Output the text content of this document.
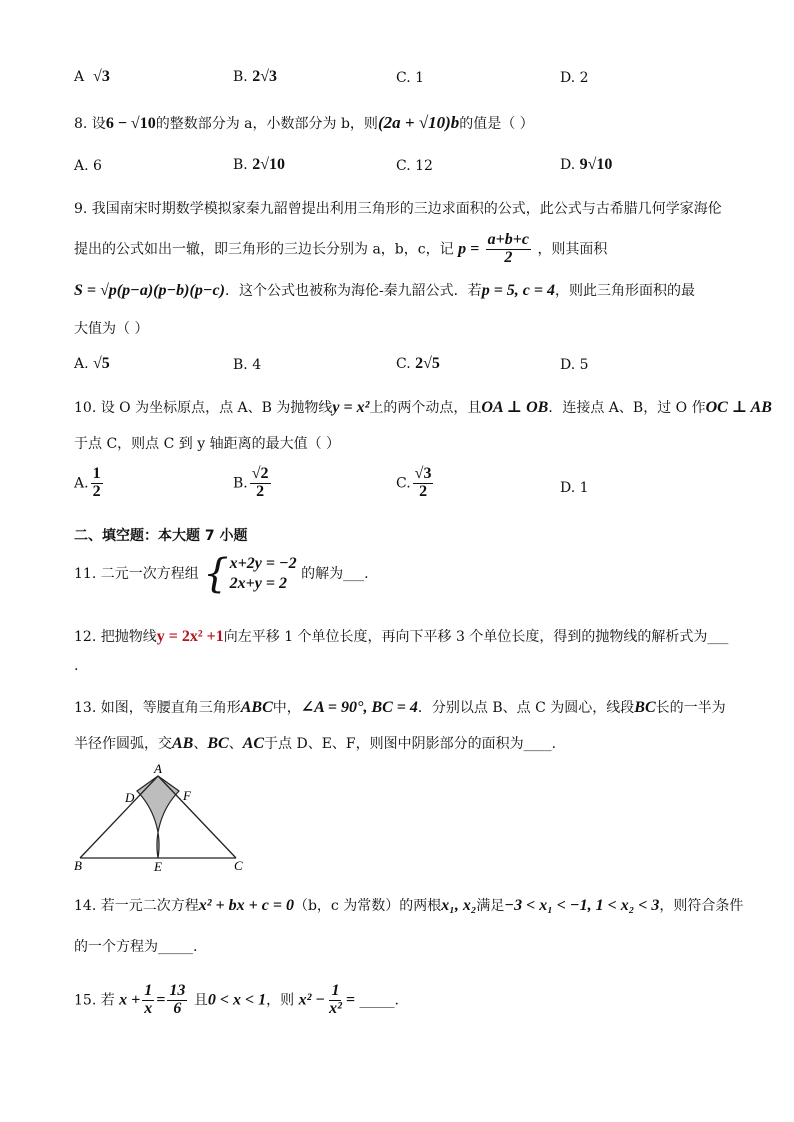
A √3	B. 2√3	C. 1	D. 2
8. 设6 − √10的整数部分为 a，小数部分为 b，则(2a + √10)b的值是（ ）
A. 6	B. 2√10	C. 12	D. 9√10
9. 我国南宋时期数学模拟家秦九韶曾提出利用三角形的三边求面积的公式，此公式与古希腊几何学家海伦
提出的公式如出一辙，即三角形的三边长分别为 a，b，c，记 $p = \frac{a+b+c}{2}$ ，则其面积
S = √p(p−a)(p−b)(p−c)．这个公式也被称为海伦-秦九韶公式．若p = 5, c = 4，则此三角形面积的最
大值为（ ）
A. √5	B. 4	C. 2√5	D. 5
10. 设 O 为坐标原点，点 A、B 为抛物线y = x²上的两个动点，且OA ⊥ OB．连接点 A、B，过 O 作OC ⊥ AB
于点 C，则点 C 到 y 轴距离的最大值（ ）
A. $\frac{1}{2}$	B. $\frac{√2}{2}$	C. $\frac{√3}{2}$	D. 1
二、填空题：本大题 7 小题
11. 二元一次方程组 { x+2y = −2
2x+y = 2
的解为___.
12. 把抛物线y = 2x² +1向左平移 1 个单位长度，再向下平移 3 个单位长度，得到的抛物线的解析式为___
.
13. 如图，等腰直角三角形ABC中，∠A = 90°, BC = 4．分别以点 B、点 C 为圆心，线段BC长的一半为
半径作圆弧，交AB、BC、AC于点 D、E、F，则图中阴影部分的面积为____.
A
B	C
D
E
F
14. 若一元二次方程x² + bx + c = 0（b，c 为常数）的两根x₁, x₂满足−3 < x₁ < −1, 1 < x₂ < 3，则符合条件
的一个方程为_____.
15. 若 $x + \frac{1}{x} = \frac{13}{6}$ 且0 < x < 1，则 $x^2 - \frac{1}{\text{x²}}$ = _____.
